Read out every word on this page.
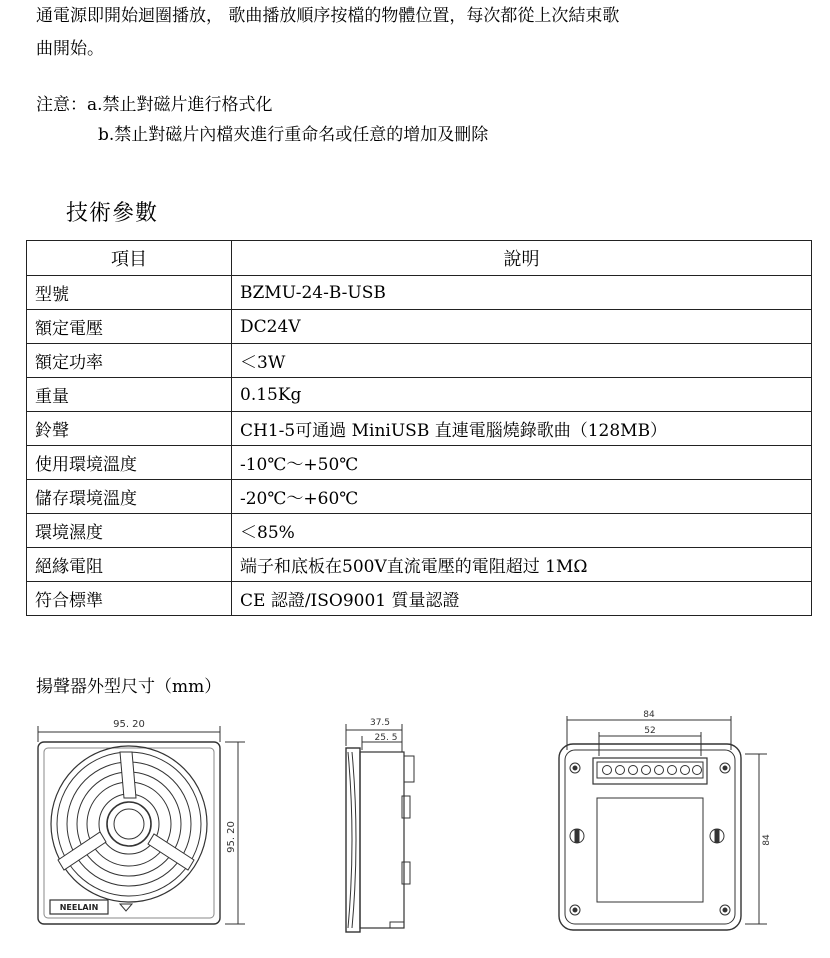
通電源即開始迴圈播放， 歌曲播放順序按檔的物體位置，每次都從上次結束歌
曲開始。
注意：a.禁止對磁片進行格式化
b.禁止對磁片內檔夾進行重命名或任意的增加及刪除
技術參數
項目	說明
型號	BZMU-24-B-USB
額定電壓	DC24V
額定功率	＜3W
重量	0.15Kg
鈴聲	CH1-5可通過 MiniUSB 直連電腦燒錄歌曲（128MB）
使用環境溫度	-10℃～+50℃
儲存環境溫度	-20℃～+60℃
環境濕度	＜85%
絕緣電阻	端子和底板在500V直流電壓的電阻超过 1MΩ
符合標準	CE 認證/ISO9001 質量認證
揚聲器外型尺寸（mm）
95. 20
95. 20
NEELAIN
37.5
25. 5
84
52
84
